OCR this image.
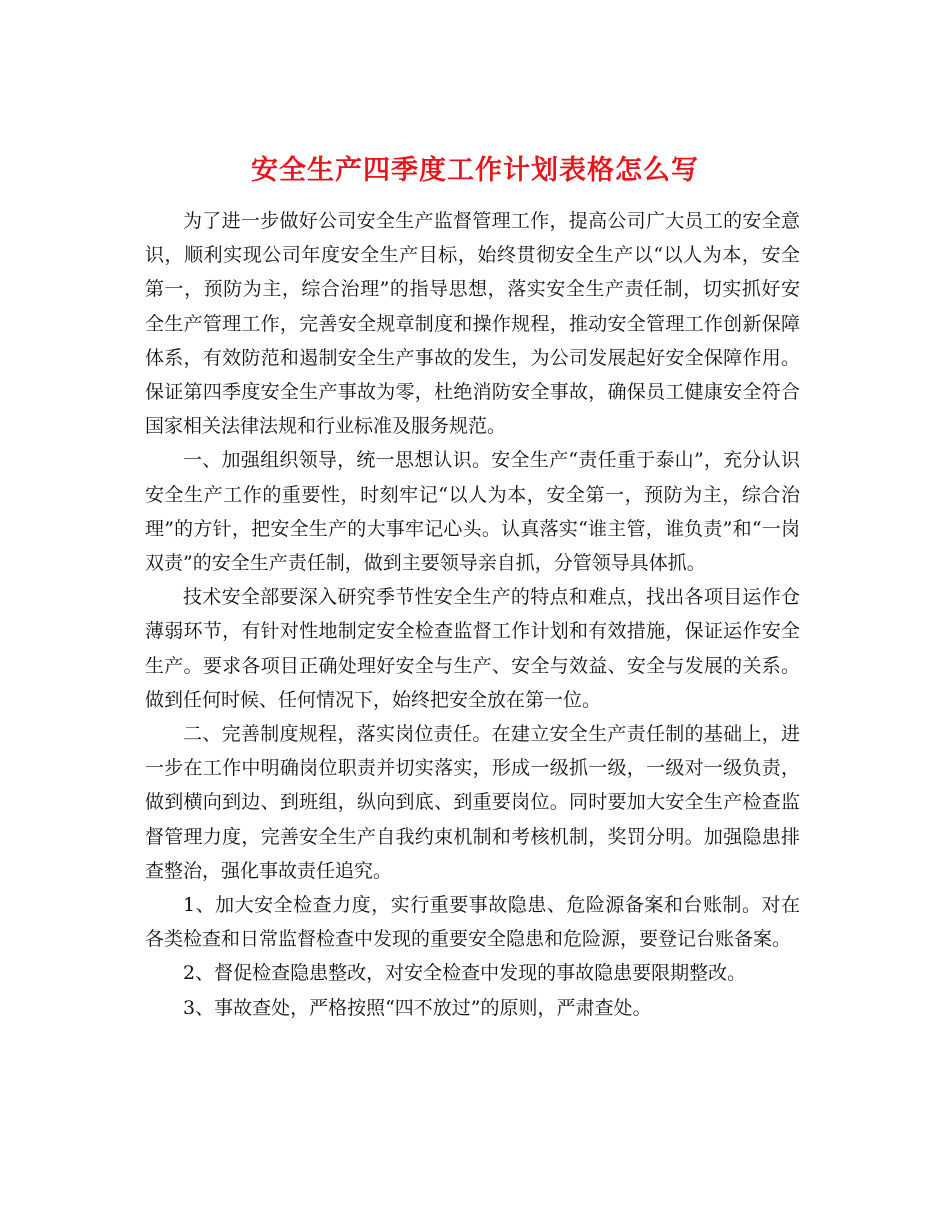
安全生产四季度工作计划表格怎么写

为了进一步做好公司安全生产监督管理工作，提高公司广大员工的安全意识，顺利实现公司年度安全生产目标，始终贯彻安全生产以“以人为本，安全第一，预防为主，综合治理”的指导思想，落实安全生产责任制，切实抓好安全生产管理工作，完善安全规章制度和操作规程，推动安全管理工作创新保障体系，有效防范和遏制安全生产事故的发生，为公司发展起好安全保障作用。保证第四季度安全生产事故为零，杜绝消防安全事故，确保员工健康安全符合国家相关法律法规和行业标准及服务规范。

一、加强组织领导，统一思想认识。安全生产“责任重于泰山”，充分认识安全生产工作的重要性，时刻牢记“以人为本，安全第一，预防为主，综合治理”的方针，把安全生产的大事牢记心头。认真落实“谁主管，谁负责”和“一岗双责”的安全生产责任制，做到主要领导亲自抓，分管领导具体抓。

技术安全部要深入研究季节性安全生产的特点和难点，找出各项目运作仓薄弱环节，有针对性地制定安全检查监督工作计划和有效措施，保证运作安全生产。要求各项目正确处理好安全与生产、安全与效益、安全与发展的关系。做到任何时候、任何情况下，始终把安全放在第一位。

二、完善制度规程，落实岗位责任。在建立安全生产责任制的基础上，进一步在工作中明确岗位职责并切实落实，形成一级抓一级，一级对一级负责，做到横向到边、到班组，纵向到底、到重要岗位。同时要加大安全生产检查监督管理力度，完善安全生产自我约束机制和考核机制，奖罚分明。加强隐患排查整治，强化事故责任追究。

1、加大安全检查力度，实行重要事故隐患、危险源备案和台账制。对在各类检查和日常监督检查中发现的重要安全隐患和危险源，要登记台账备案。

2、督促检查隐患整改，对安全检查中发现的事故隐患要限期整改。

3、事故查处，严格按照“四不放过”的原则，严肃查处。
